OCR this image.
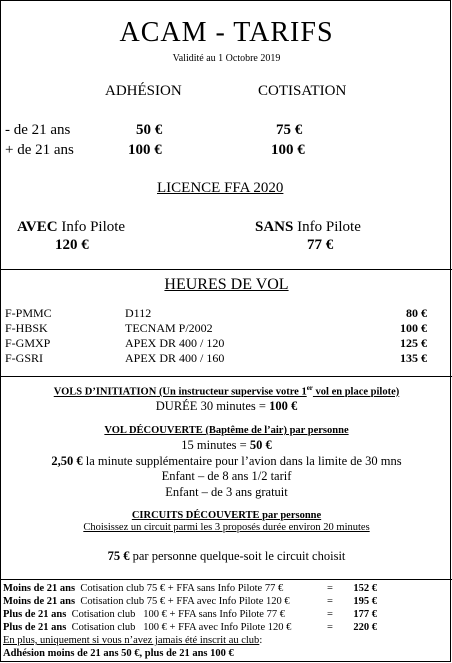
ACAM - TARIFS
Validité au 1 Octobre 2019
ADHÉSION	COTISATION
- de 21 ans	50 €	75 €
+ de 21 ans	100 €	100 €
LICENCE FFA 2020
AVEC Info Pilote
120 €
SANS Info Pilote
77 €
HEURES DE VOL
F-PMMC	D112	80 €
F-HBSK	TECNAM P/2002	100 €
F-GMXP	APEX DR 400 / 120	125 €
F-GSRI	APEX DR 400 / 160	135 €
VOLS D’INITIATION (Un instructeur supervise votre 1er vol en place pilote)
DURÉE 30 minutes = 100 €
VOL DÉCOUVERTE (Baptême de l’air) par personne
15 minutes = 50 €
2,50 € la minute supplémentaire pour l’avion dans la limite de 30 mns
Enfant – de 8 ans 1/2 tarif
Enfant – de 3 ans gratuit
CIRCUITS DÉCOUVERTE par personne
Choisissez un circuit parmi les 3 proposés durée environ 20 minutes
75 € par personne quelque-soit le circuit choisit
Moins de 21 ans  Cotisation club 75 € + FFA sans Info Pilote 77 €	=	152 €
Moins de 21 ans  Cotisation club 75 € + FFA avec Info Pilote 120 €	=	195 €
Plus de 21 ans  Cotisation club   100 € + FFA sans Info Pilote 77 €	=	177 €
Plus de 21 ans  Cotisation club   100 € + FFA avec Info Pilote 120 €	=	220 €
En plus, uniquement si vous n’avez jamais été inscrit au club:
Adhésion moins de 21 ans 50 €, plus de 21 ans 100 €
